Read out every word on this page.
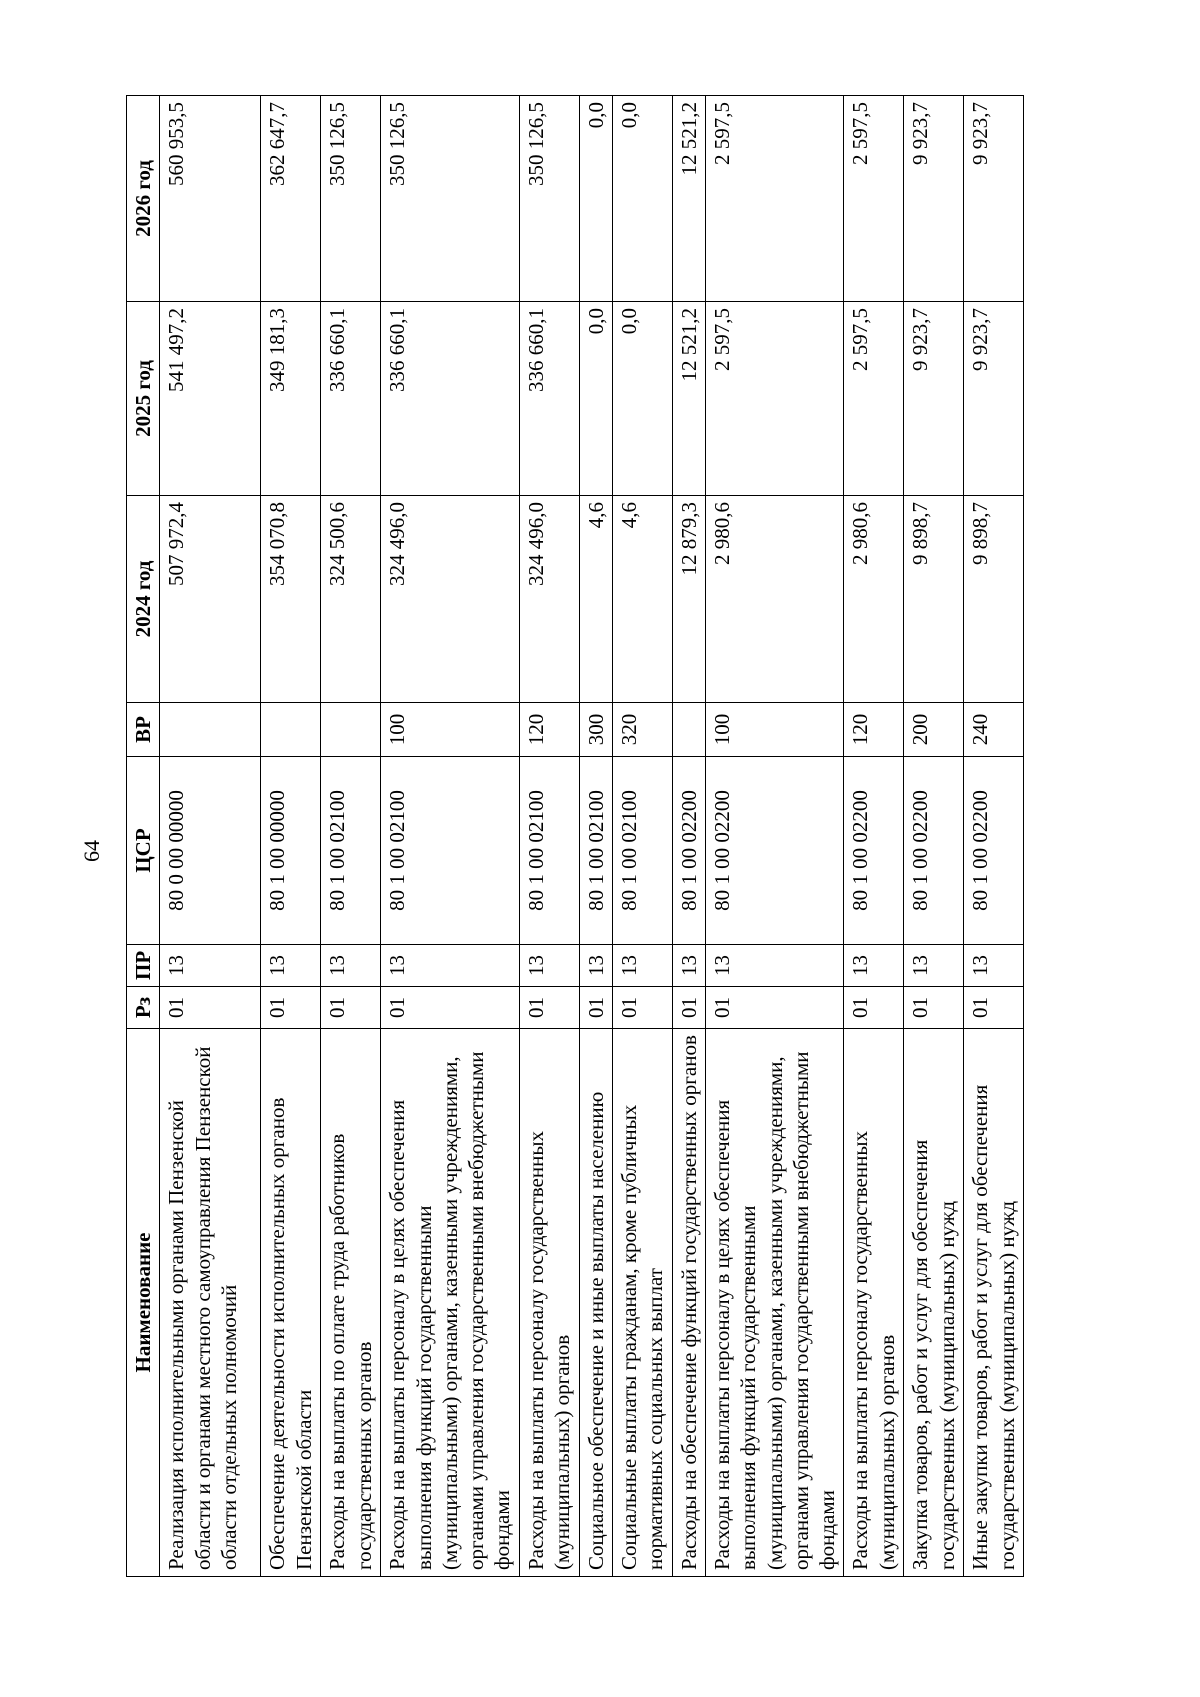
64
Наименование	Рз	ПР	ЦСР	ВР	2024 год	2025 год	2026 год
Реализация исполнительными органами Пензенской области и органами местного самоуправления Пензенской области отдельных полномочий	01	13	80 0 00 00000		507 972,4	541 497,2	560 953,5
Обеспечение деятельности исполнительных органов Пензенской области	01	13	80 1 00 00000		354 070,8	349 181,3	362 647,7
Расходы на выплаты по оплате труда работников государственных органов	01	13	80 1 00 02100		324 500,6	336 660,1	350 126,5
Расходы на выплаты персоналу в целях обеспечения выполнения функций государственными (муниципальными) органами, казенными учреждениями, органами управления государственными внебюджетными фондами	01	13	80 1 00 02100	100	324 496,0	336 660,1	350 126,5
Расходы на выплаты персоналу государственных (муниципальных) органов	01	13	80 1 00 02100	120	324 496,0	336 660,1	350 126,5
Социальное обеспечение и иные выплаты населению	01	13	80 1 00 02100	300	4,6	0,0	0,0
Социальные выплаты гражданам, кроме публичных нормативных социальных выплат	01	13	80 1 00 02100	320	4,6	0,0	0,0
Расходы на обеспечение функций государственных органов	01	13	80 1 00 02200		12 879,3	12 521,2	12 521,2
Расходы на выплаты персоналу в целях обеспечения выполнения функций государственными (муниципальными) органами, казенными учреждениями, органами управления государственными внебюджетными фондами	01	13	80 1 00 02200	100	2 980,6	2 597,5	2 597,5
Расходы на выплаты персоналу государственных (муниципальных) органов	01	13	80 1 00 02200	120	2 980,6	2 597,5	2 597,5
Закупка товаров, работ и услуг для обеспечения государственных (муниципальных) нужд	01	13	80 1 00 02200	200	9 898,7	9 923,7	9 923,7
Иные закупки товаров, работ и услуг для обеспечения государственных (муниципальных) нужд	01	13	80 1 00 02200	240	9 898,7	9 923,7	9 923,7
